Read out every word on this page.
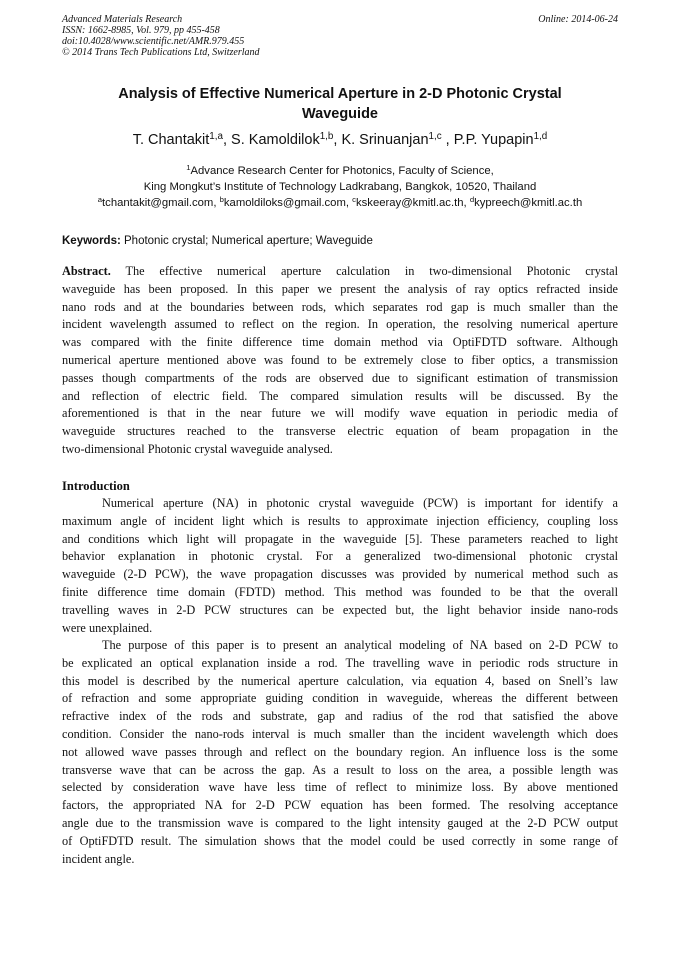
Advanced Materials Research
ISSN: 1662-8985, Vol. 979, pp 455-458
doi:10.4028/www.scientific.net/AMR.979.455
© 2014 Trans Tech Publications Ltd, Switzerland
Online: 2014-06-24
Analysis of Effective Numerical Aperture in 2-D Photonic Crystal
Waveguide
T. Chantakit$^{1,a}$, S. Kamoldilok$^{1,b}$, K. Srinuanjan$^{1,c}$ , P.P. Yupapin$^{1,d}$
$^1$Advance Research Center for Photonics, Faculty of Science,
King Mongkut’s Institute of Technology Ladkrabang, Bangkok, 10520, Thailand
$^a$tchantakit@gmail.com, $^b$kamoldiloks@gmail.com, $^c$kskeeray@kmitl.ac.th, $^d$kypreech@kmitl.ac.th
Keywords: Photonic crystal; Numerical aperture; Waveguide
Abstract. The effective numerical aperture calculation in two-dimensional Photonic crystal
waveguide has been proposed. In this paper we present the analysis of ray optics refracted inside
nano rods and at the boundaries between rods, which separates rod gap is much smaller than the
incident wavelength assumed to reflect on the region. In operation, the resolving numerical aperture
was compared with the finite difference time domain method via OptiFDTD software. Although
numerical aperture mentioned above was found to be extremely close to fiber optics, a transmission
passes though compartments of the rods are observed due to significant estimation of transmission
and reflection of electric field. The compared simulation results will be discussed. By the
aforementioned is that in the near future we will modify wave equation in periodic media of
waveguide structures reached to the transverse electric equation of beam propagation in the
two-dimensional Photonic crystal waveguide analysed.
Introduction
Numerical aperture (NA) in photonic crystal waveguide (PCW) is important for identify a
maximum angle of incident light which is results to approximate injection efficiency, coupling loss
and conditions which light will propagate in the waveguide [5]. These parameters reached to light
behavior explanation in photonic crystal. For a generalized two-dimensional photonic crystal
waveguide (2-D PCW), the wave propagation discusses was provided by numerical method such as
finite difference time domain (FDTD) method. This method was founded to be that the overall
travelling waves in 2-D PCW structures can be expected but, the light behavior inside nano-rods
were unexplained.
The purpose of this paper is to present an analytical modeling of NA based on 2-D PCW to
be explicated an optical explanation inside a rod. The travelling wave in periodic rods structure in
this model is described by the numerical aperture calculation, via equation 4, based on Snell’s law
of refraction and some appropriate guiding condition in waveguide, whereas the different between
refractive index of the rods and substrate, gap and radius of the rod that satisfied the above
condition. Consider the nano-rods interval is much smaller than the incident wavelength which does
not allowed wave passes through and reflect on the boundary region. An influence loss is the some
transverse wave that can be across the gap. As a result to loss on the area, a possible length was
selected by consideration wave have less time of reflect to minimize loss. By above mentioned
factors, the appropriated NA for 2-D PCW equation has been formed. The resolving acceptance
angle due to the transmission wave is compared to the light intensity gauged at the 2-D PCW output
of OptiFDTD result. The simulation shows that the model could be used correctly in some range of
incident angle.
